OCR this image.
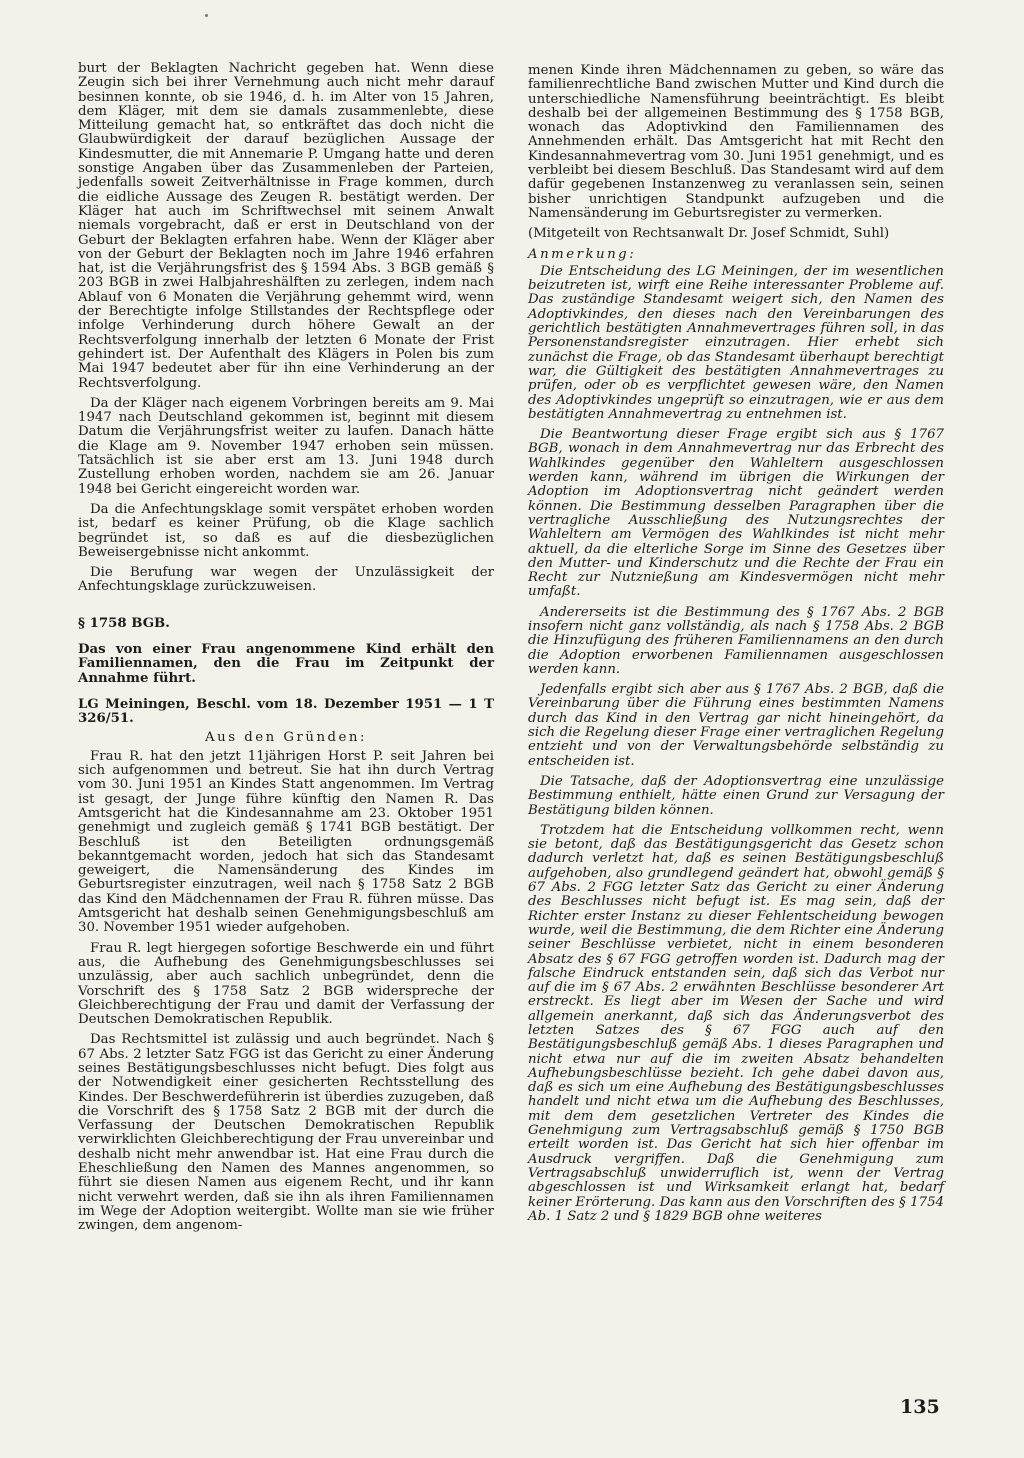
burt der Beklagten Nachricht gegeben hat. Wenn diese Zeugin sich bei ihrer Vernehmung auch nicht mehr darauf besinnen konnte, ob sie 1946, d. h. im Alter von 15 Jahren, dem Kläger, mit dem sie damals zusammenlebte, diese Mitteilung gemacht hat, so entkräftet das doch nicht die Glaubwürdigkeit der darauf bezüglichen Aussage der Kindesmutter, die mit Annemarie P. Umgang hatte und deren sonstige Angaben über das Zusammenleben der Parteien, jedenfalls soweit Zeitverhältnisse in Frage kommen, durch die eidliche Aussage des Zeugen R. bestätigt werden. Der Kläger hat auch im Schriftwechsel mit seinem Anwalt niemals vorgebracht, daß er erst in Deutschland von der Geburt der Beklagten erfahren habe. Wenn der Kläger aber von der Geburt der Beklagten noch im Jahre 1946 erfahren hat, ist die Verjährungsfrist des § 1594 Abs. 3 BGB gemäß § 203 BGB in zwei Halbjahreshälften zu zerlegen, indem nach Ablauf von 6 Monaten die Verjährung gehemmt wird, wenn der Berechtigte infolge Stillstandes der Rechtspflege oder infolge Verhinderung durch höhere Gewalt an der Rechtsverfolgung innerhalb der letzten 6 Monate der Frist gehindert ist. Der Aufenthalt des Klägers in Polen bis zum Mai 1947 bedeutet aber für ihn eine Verhinderung an der Rechtsverfolgung.

Da der Kläger nach eigenem Vorbringen bereits am 9. Mai 1947 nach Deutschland gekommen ist, beginnt mit diesem Datum die Verjährungsfrist weiter zu laufen. Danach hätte die Klage am 9. November 1947 erhoben sein müssen. Tatsächlich ist sie aber erst am 13. Juni 1948 durch Zustellung erhoben worden, nachdem sie am 26. Januar 1948 bei Gericht eingereicht worden war.

Da die Anfechtungsklage somit verspätet erhoben worden ist, bedarf es keiner Prüfung, ob die Klage sachlich begründet ist, so daß es auf die diesbezüglichen Beweisergebnisse nicht ankommt.

Die Berufung war wegen der Unzulässigkeit der Anfechtungsklage zurückzuweisen.

§ 1758 BGB.

Das von einer Frau angenommene Kind erhält den Familiennamen, den die Frau im Zeitpunkt der Annahme führt.

LG Meiningen, Beschl. vom 18. Dezember 1951 — 1 T 326/51.

Aus den Gründen:

Frau R. hat den jetzt 11jährigen Horst P. seit Jahren bei sich aufgenommen und betreut. Sie hat ihn durch Vertrag vom 30. Juni 1951 an Kindes Statt angenommen. Im Vertrag ist gesagt, der Junge führe künftig den Namen R. Das Amtsgericht hat die Kindesannahme am 23. Oktober 1951 genehmigt und zugleich gemäß § 1741 BGB bestätigt. Der Beschluß ist den Beteiligten ordnungsgemäß bekanntgemacht worden, jedoch hat sich das Standesamt geweigert, die Namensänderung des Kindes im Geburtsregister einzutragen, weil nach § 1758 Satz 2 BGB das Kind den Mädchennamen der Frau R. führen müsse. Das Amtsgericht hat deshalb seinen Genehmigungsbeschluß am 30. November 1951 wieder aufgehoben.

Frau R. legt hiergegen sofortige Beschwerde ein und führt aus, die Aufhebung des Genehmigungsbeschlusses sei unzulässig, aber auch sachlich unbegründet, denn die Vorschrift des § 1758 Satz 2 BGB widerspreche der Gleichberechtigung der Frau und damit der Verfassung der Deutschen Demokratischen Republik.

Das Rechtsmittel ist zulässig und auch begründet. Nach § 67 Abs. 2 letzter Satz FGG ist das Gericht zu einer Änderung seines Bestätigungsbeschlusses nicht befugt. Dies folgt aus der Notwendigkeit einer gesicherten Rechtsstellung des Kindes. Der Beschwerdeführerin ist überdies zuzugeben, daß die Vorschrift des § 1758 Satz 2 BGB mit der durch die Verfassung der Deutschen Demokratischen Republik verwirklichten Gleichberechtigung der Frau unvereinbar und deshalb nicht mehr anwendbar ist. Hat eine Frau durch die Eheschließung den Namen des Mannes angenommen, so führt sie diesen Namen aus eigenem Recht, und ihr kann nicht verwehrt werden, daß sie ihn als ihren Familiennamen im Wege der Adoption weitergibt. Wollte man sie wie früher zwingen, dem angenom-

menen Kinde ihren Mädchennamen zu geben, so wäre das familienrechtliche Band zwischen Mutter und Kind durch die unterschiedliche Namensführung beeinträchtigt. Es bleibt deshalb bei der allgemeinen Bestimmung des § 1758 BGB, wonach das Adoptivkind den Familiennamen des Annehmenden erhält. Das Amtsgericht hat mit Recht den Kindesannahmevertrag vom 30. Juni 1951 genehmigt, und es verbleibt bei diesem Beschluß. Das Standesamt wird auf dem dafür gegebenen Instanzenweg zu veranlassen sein, seinen bisher unrichtigen Standpunkt aufzugeben und die Namensänderung im Geburtsregister zu vermerken.

(Mitgeteilt von Rechtsanwalt Dr. Josef Schmidt, Suhl)

Anmerkung:

Die Entscheidung des LG Meiningen, der im wesentlichen beizutreten ist, wirft eine Reihe interessanter Probleme auf. Das zuständige Standesamt weigert sich, den Namen des Adoptivkindes, den dieses nach den Vereinbarungen des gerichtlich bestätigten Annahmevertrages führen soll, in das Personenstandsregister einzutragen. Hier erhebt sich zunächst die Frage, ob das Standesamt überhaupt berechtigt war, die Gültigkeit des bestätigten Annahmevertrages zu prüfen, oder ob es verpflichtet gewesen wäre, den Namen des Adoptivkindes ungeprüft so einzutragen, wie er aus dem bestätigten Annahmevertrag zu entnehmen ist.

Die Beantwortung dieser Frage ergibt sich aus § 1767 BGB, wonach in dem Annahmevertrag nur das Erbrecht des Wahlkindes gegenüber den Wahleltern ausgeschlossen werden kann, während im übrigen die Wirkungen der Adoption im Adoptionsvertrag nicht geändert werden können. Die Bestimmung desselben Paragraphen über die vertragliche Ausschließung des Nutzungsrechtes der Wahleltern am Vermögen des Wahlkindes ist nicht mehr aktuell, da die elterliche Sorge im Sinne des Gesetzes über den Mutter- und Kinderschutz und die Rechte der Frau ein Recht zur Nutznießung am Kindesvermögen nicht mehr umfaßt.

Andererseits ist die Bestimmung des § 1767 Abs. 2 BGB insofern nicht ganz vollständig, als nach § 1758 Abs. 2 BGB die Hinzufügung des früheren Familiennamens an den durch die Adoption erworbenen Familiennamen ausgeschlossen werden kann.

Jedenfalls ergibt sich aber aus § 1767 Abs. 2 BGB, daß die Vereinbarung über die Führung eines bestimmten Namens durch das Kind in den Vertrag gar nicht hineingehört, da sich die Regelung dieser Frage einer vertraglichen Regelung entzieht und von der Verwaltungsbehörde selbständig zu entscheiden ist.

Die Tatsache, daß der Adoptionsvertrag eine unzulässige Bestimmung enthielt, hätte einen Grund zur Versagung der Bestätigung bilden können.

Trotzdem hat die Entscheidung vollkommen recht, wenn sie betont, daß das Bestätigungsgericht das Gesetz schon dadurch verletzt hat, daß es seinen Bestätigungsbeschluß aufgehoben, also grundlegend geändert hat, obwohl gemäß § 67 Abs. 2 FGG letzter Satz das Gericht zu einer Änderung des Beschlusses nicht befugt ist. Es mag sein, daß der Richter erster Instanz zu dieser Fehlentscheidung bewogen wurde, weil die Bestimmung, die dem Richter eine Änderung seiner Beschlüsse verbietet, nicht in einem besonderen Absatz des § 67 FGG getroffen worden ist. Dadurch mag der falsche Eindruck entstanden sein, daß sich das Verbot nur auf die im § 67 Abs. 2 erwähnten Beschlüsse besonderer Art erstreckt. Es liegt aber im Wesen der Sache und wird allgemein anerkannt, daß sich das Änderungsverbot des letzten Satzes des § 67 FGG auch auf den Bestätigungsbeschluß gemäß Abs. 1 dieses Paragraphen und nicht etwa nur auf die im zweiten Absatz behandelten Aufhebungsbeschlüsse bezieht. Ich gehe dabei davon aus, daß es sich um eine Aufhebung des Bestätigungsbeschlusses handelt und nicht etwa um die Aufhebung des Beschlusses, mit dem dem gesetzlichen Vertreter des Kindes die Genehmigung zum Vertragsabschluß gemäß § 1750 BGB erteilt worden ist. Das Gericht hat sich hier offenbar im Ausdruck vergriffen. Daß die Genehmigung zum Vertragsabschluß unwiderruflich ist, wenn der Vertrag abgeschlossen ist und Wirksamkeit erlangt hat, bedarf keiner Erörterung. Das kann aus den Vorschriften des § 1754 Ab. 1 Satz 2 und § 1829 BGB ohne weiteres

135
